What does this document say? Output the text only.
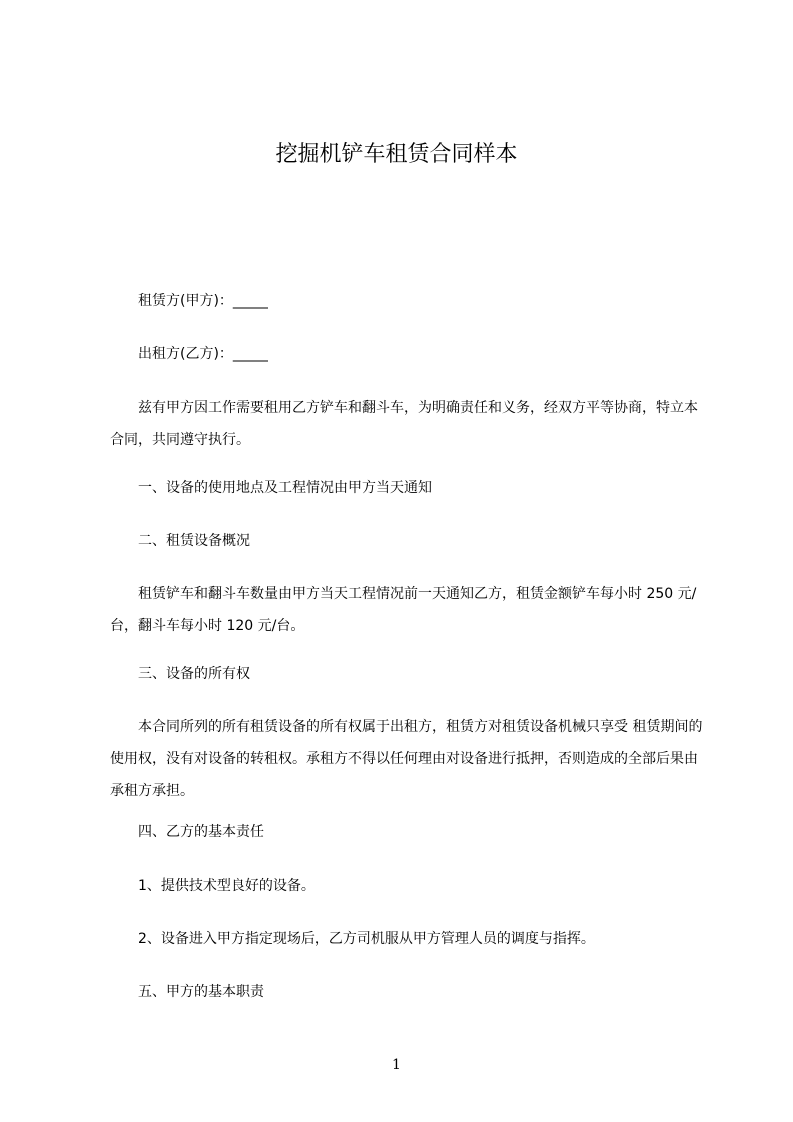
挖掘机铲车租赁合同样本

租赁方(甲方)：_____

出租方(乙方)：_____

兹有甲方因工作需要租用乙方铲车和翻斗车，为明确责任和义务，经双方平等协商，特立本合同，共同遵守执行。

一、设备的使用地点及工程情况由甲方当天通知

二、租赁设备概况

租赁铲车和翻斗车数量由甲方当天工程情况前一天通知乙方，租赁金额铲车每小时 250 元/台，翻斗车每小时 120 元/台。

三、设备的所有权

本合同所列的所有租赁设备的所有权属于出租方，租赁方对租赁设备机械只享受 租赁期间的使用权，没有对设备的转租权。承租方不得以任何理由对设备进行抵押，否则造成的全部后果由承租方承担。

四、乙方的基本责任

1、提供技术型良好的设备。

2、设备进入甲方指定现场后，乙方司机服从甲方管理人员的调度与指挥。

五、甲方的基本职责

1
